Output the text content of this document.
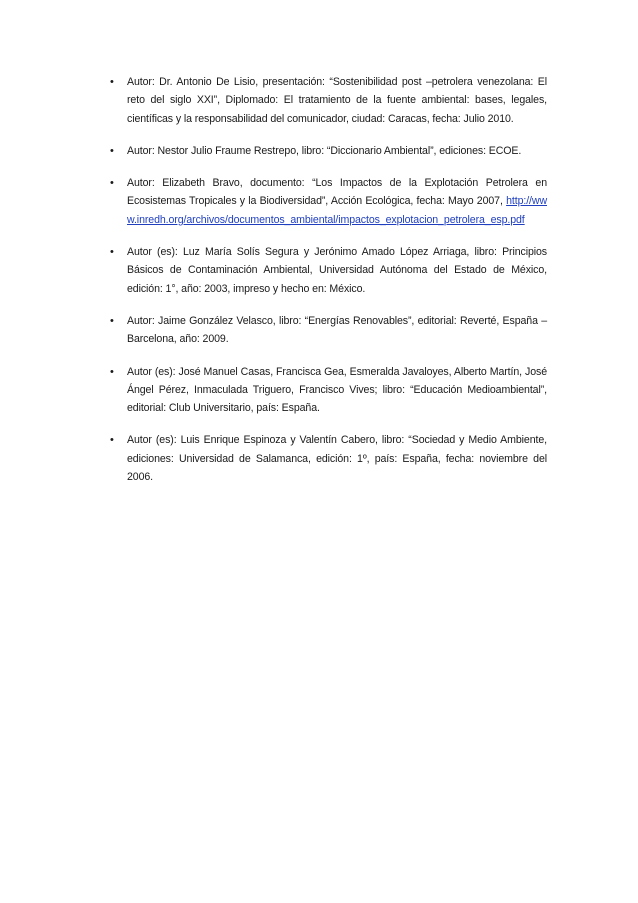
• Autor: Dr. Antonio De Lisio, presentación: “Sostenibilidad post –petrolera venezolana: El reto del siglo XXI”, Diplomado: El tratamiento de la fuente ambiental: bases, legales, científicas y la responsabilidad del comunicador, ciudad: Caracas, fecha: Julio 2010.
• Autor: Nestor Julio Fraume Restrepo, libro: “Diccionario Ambiental”, ediciones: ECOE.
• Autor: Elizabeth Bravo, documento: “Los Impactos de la Explotación Petrolera en Ecosistemas Tropicales y la Biodiversidad”, Acción Ecológica, fecha: Mayo 2007, http://www.inredh.org/archivos/documentos_ambiental/impactos_explotacion_petrolera_esp.pdf
• Autor (es): Luz María Solís Segura y Jerónimo Amado López Arriaga, libro: Principios Básicos de Contaminación Ambiental, Universidad Autónoma del Estado de México, edición: 1°, año: 2003, impreso y hecho en: México.
• Autor: Jaime González Velasco, libro: “Energías Renovables”, editorial: Reverté, España – Barcelona, año: 2009.
• Autor (es): José Manuel Casas, Francisca Gea, Esmeralda Javaloyes, Alberto Martín, José Ángel Pérez, Inmaculada Triguero, Francisco Vives; libro: “Educación Medioambiental”, editorial: Club Universitario, país: España.
• Autor (es): Luis Enrique Espinoza y Valentín Cabero, libro: “Sociedad y Medio Ambiente, ediciones: Universidad de Salamanca, edición: 1º, país: España, fecha: noviembre del 2006.
